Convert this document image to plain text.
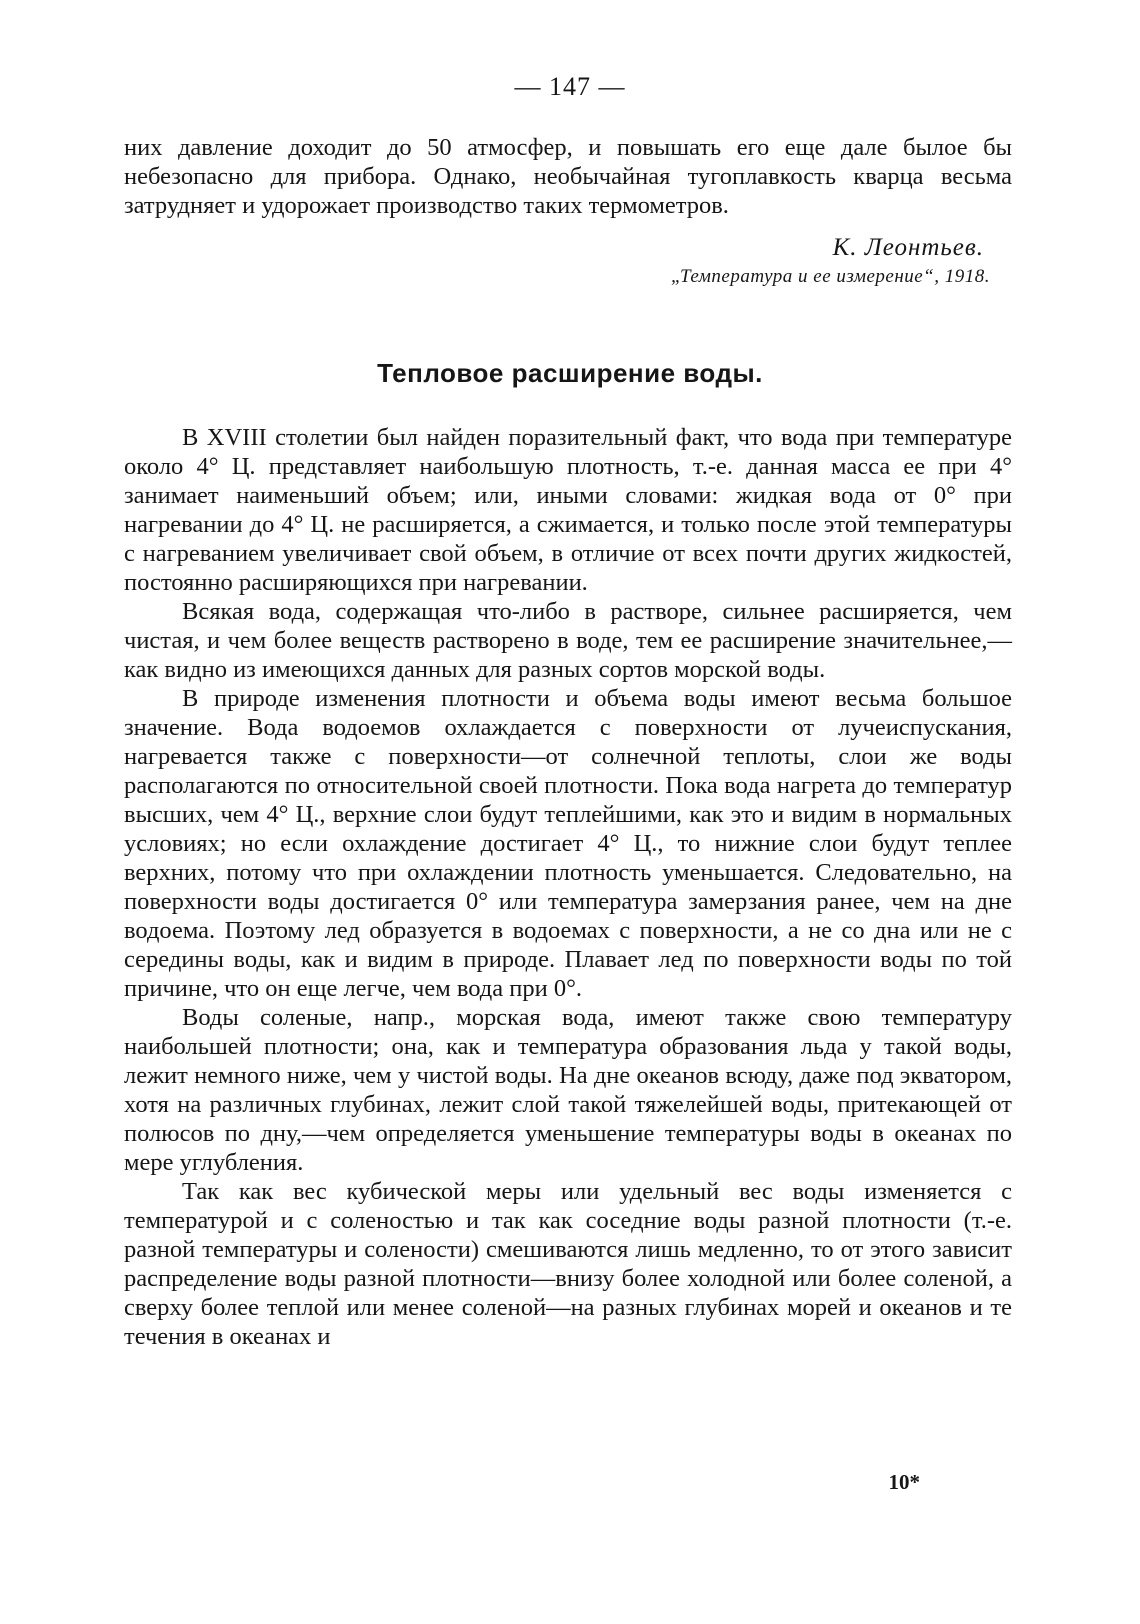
— 147 —

них давление доходит до 50 атмосфер, и повышать его еще дале былое бы небезопасно для прибора. Однако, необычайная тугоплавкость кварца весьма затрудняет и удорожает производство таких термометров.

К. Леонтьев.
„Температура и ее измерение“, 1918.
Тепловое расширение воды.

В XVIII столетии был найден поразительный факт, что вода при температуре около 4° Ц. представляет наибольшую плотность, т.-е. данная масса ее при 4° занимает наименьший объем; или, иными словами: жидкая вода от 0° при нагревании до 4° Ц. не расширяется, а сжимается, и только после этой температуры с нагреванием увеличивает свой объем, в отличие от всех почти других жидкостей, постоянно расширяющихся при нагревании.

Всякая вода, содержащая что-либо в растворе, сильнее расширяется, чем чистая, и чем более веществ растворено в воде, тем ее расширение значительнее,—как видно из имеющихся данных для разных сортов морской воды.

В природе изменения плотности и объема воды имеют весьма большое значение. Вода водоемов охлаждается с поверхности от лучеиспускания, нагревается также с поверхности—от солнечной теплоты, слои же воды располагаются по относительной своей плотности. Пока вода нагрета до температур высших, чем 4° Ц., верхние слои будут теплейшими, как это и видим в нормальных условиях; но если охлаждение достигает 4° Ц., то нижние слои будут теплее верхних, потому что при охлаждении плотность уменьшается. Следовательно, на поверхности воды достигается 0° или температура замерзания ранее, чем на дне водоема. Поэтому лед образуется в водоемах с поверхности, а не со дна или не с середины воды, как и видим в природе. Плавает лед по поверхности воды по той причине, что он еще легче, чем вода при 0°.

Воды соленые, напр., морская вода, имеют также свою температуру наибольшей плотности; она, как и температура образования льда у такой воды, лежит немного ниже, чем у чистой воды. На дне океанов всюду, даже под экватором, хотя на различных глубинах, лежит слой такой тяжелейшей воды, притекающей от полюсов по дну,—чем определяется уменьшение температуры воды в океанах по мере углубления.

Так как вес кубической меры или удельный вес воды изменяется с температурой и с соленостью и так как соседние воды разной плотности (т.-е. разной температуры и солености) смешиваются лишь медленно, то от этого зависит распределение воды разной плотности—внизу более холодной или более соленой, а сверху более теплой или менее соленой—на разных глубинах морей и океанов и те течения в океанах и

10*
